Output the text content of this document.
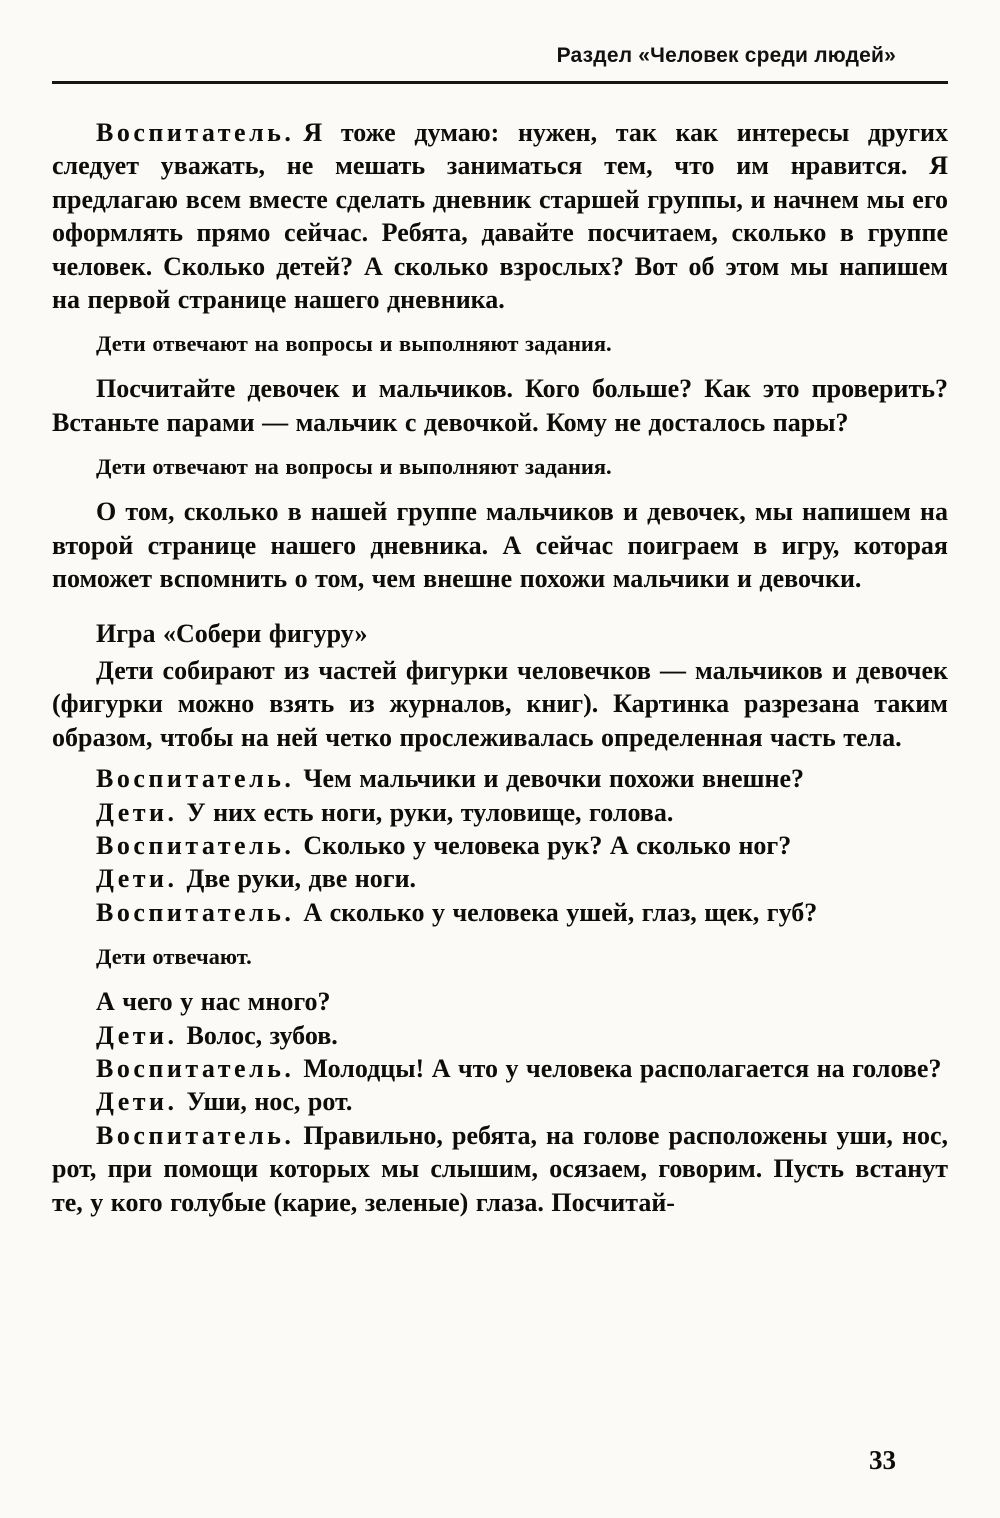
Раздел «Человек среди людей»

Воспитатель. Я тоже думаю: нужен, так как интересы других следует уважать, не мешать заниматься тем, что им нравится. Я предлагаю всем вместе сделать дневник старшей группы, и начнем мы его оформлять прямо сейчас. Ребята, давайте посчитаем, сколько в группе человек. Сколько детей? А сколько взрослых? Вот об этом мы напишем на первой странице нашего дневника.

Дети отвечают на вопросы и выполняют задания.

Посчитайте девочек и мальчиков. Кого больше? Как это проверить? Встаньте парами — мальчик с девочкой. Кому не досталось пары?

Дети отвечают на вопросы и выполняют задания.

О том, сколько в нашей группе мальчиков и девочек, мы напишем на второй странице нашего дневника. А сейчас поиграем в игру, которая поможет вспомнить о том, чем внешне похожи мальчики и девочки.

Игра «Собери фигуру»

Дети собирают из частей фигурки человечков — мальчиков и девочек (фигурки можно взять из журналов, книг). Картинка разрезана таким образом, чтобы на ней четко прослеживалась определенная часть тела.

Воспитатель. Чем мальчики и девочки похожи внешне?

Дети. У них есть ноги, руки, туловище, голова.

Воспитатель. Сколько у человека рук? А сколько ног?

Дети. Две руки, две ноги.

Воспитатель. А сколько у человека ушей, глаз, щек, губ?

Дети отвечают.

А чего у нас много?

Дети. Волос, зубов.

Воспитатель. Молодцы! А что у человека располагается на голове?

Дети. Уши, нос, рот.

Воспитатель. Правильно, ребята, на голове расположены уши, нос, рот, при помощи которых мы слышим, осязаем, говорим. Пусть встанут те, у кого голубые (карие, зеленые) глаза. Посчитай-

33
